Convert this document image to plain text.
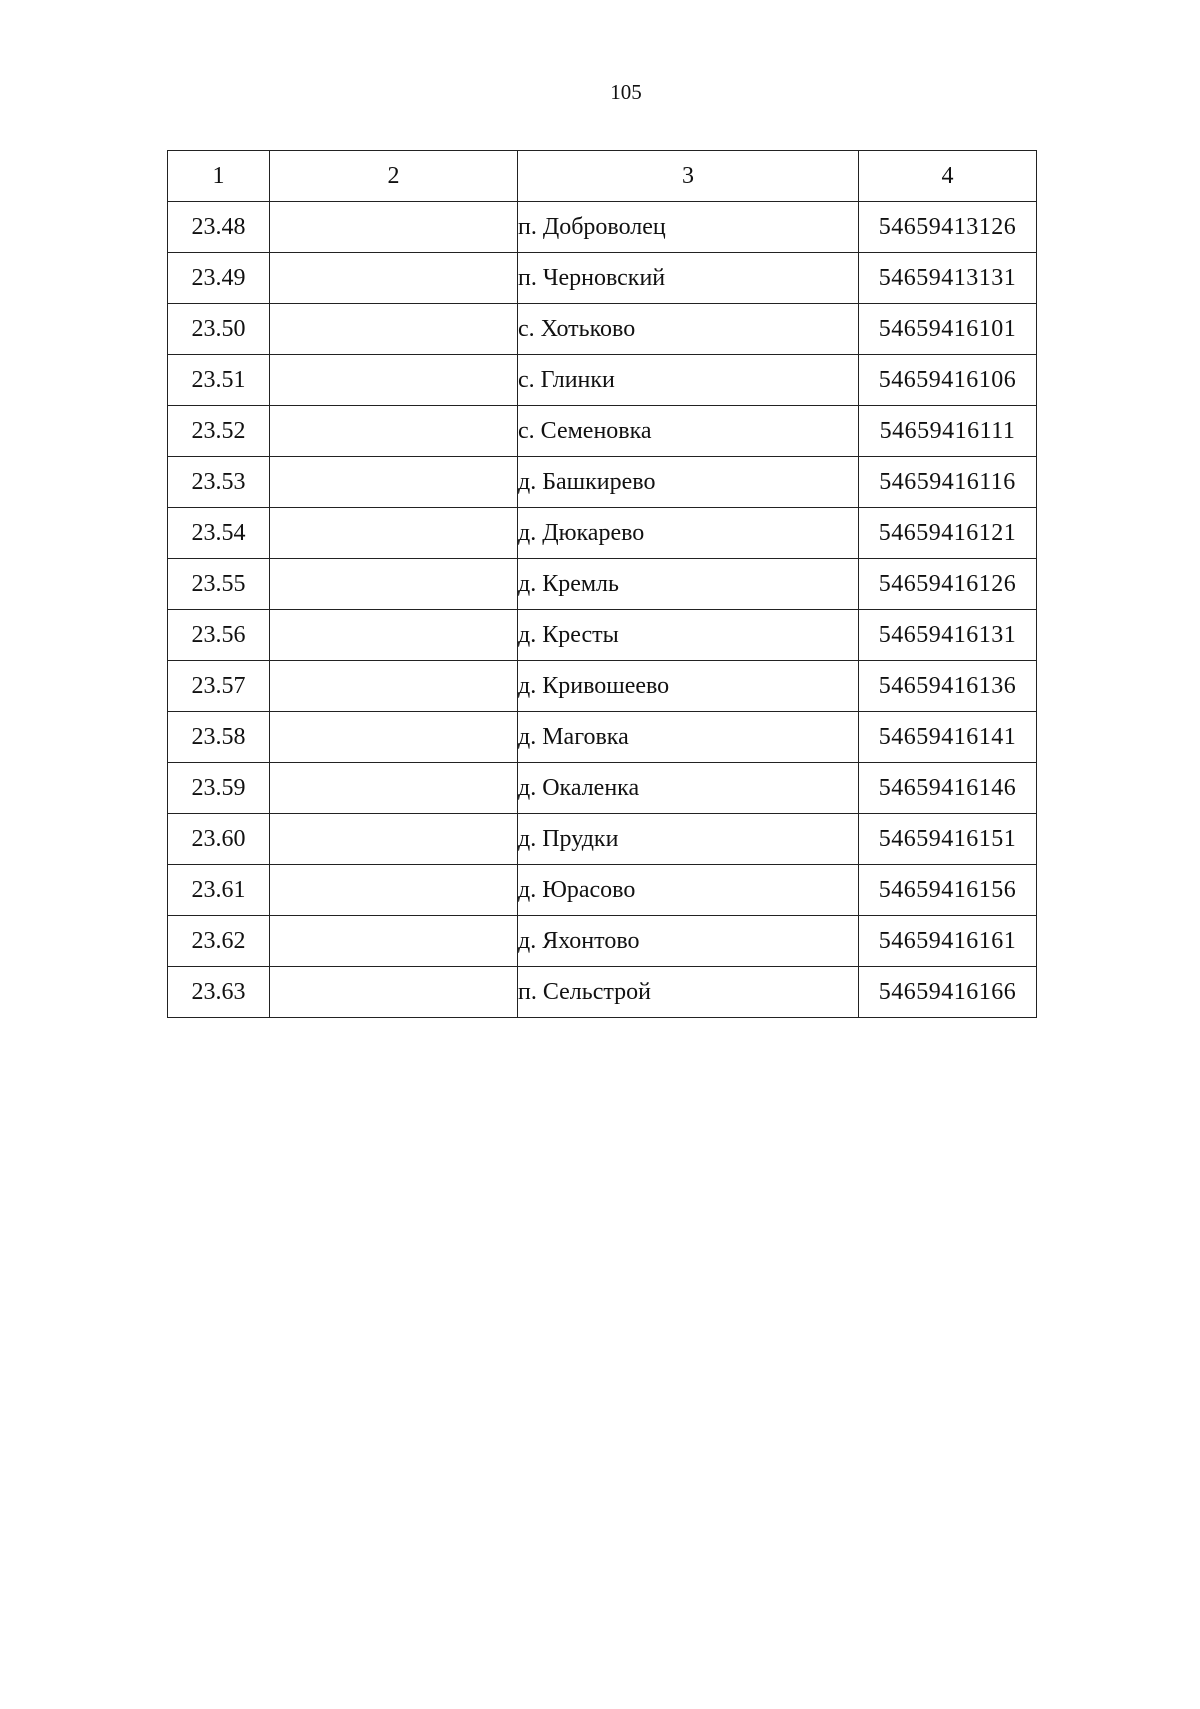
105
1	2	3	4
23.48		п. Доброволец	54659413126
23.49		п. Черновский	54659413131
23.50		с. Хотьково	54659416101
23.51		с. Глинки	54659416106
23.52		с. Семеновка	54659416111
23.53		д. Башкирево	54659416116
23.54		д. Дюкарево	54659416121
23.55		д. Кремль	54659416126
23.56		д. Кресты	54659416131
23.57		д. Кривошеево	54659416136
23.58		д. Маговка	54659416141
23.59		д. Окаленка	54659416146
23.60		д. Прудки	54659416151
23.61		д. Юрасово	54659416156
23.62		д. Яхонтово	54659416161
23.63		п. Сельстрой	54659416166
